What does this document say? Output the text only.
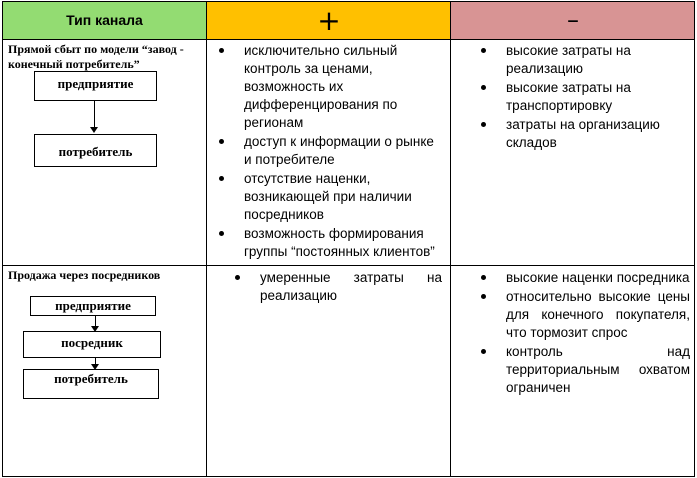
Тип канала	+	–
Прямой сбыт по модели “завод - конечный потребитель”
предприятие
потребитель
исключительно сильный контроль за ценами, возможность их дифференцирования по регионам
доступ к информации о рынке и потребителе
отсутствие наценки, возникающей при наличии посредников
возможность формирования группы “постоянных клиентов”
высокие затраты на реализацию
высокие затраты на транспортировку
затраты на организацию складов
Продажа через посредников
предприятие
посредник
потребитель
умеренные затраты на реализацию
высокие наценки посредника
относительно высокие цены для конечного покупателя, что тормозит спрос
контроль над территориальным охватом ограничен
